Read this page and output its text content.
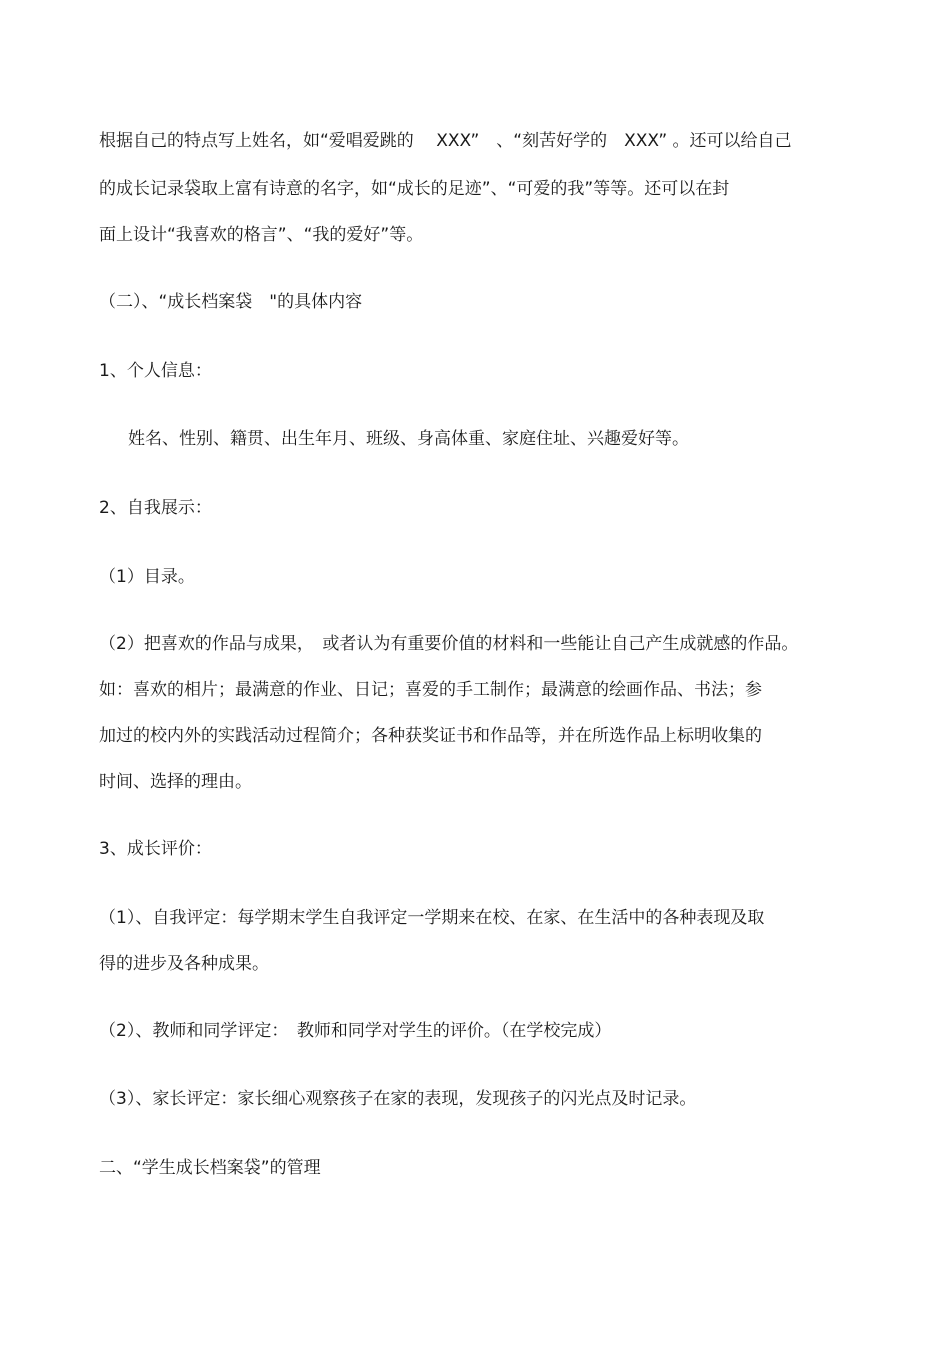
根据自己的特点写上姓名，如“爱唱爱跳的　 XXX”　、“刻苦好学的　XXX” 。还可以给自己
的成长记录袋取上富有诗意的名字，如“成长的足迹”、“可爱的我”等等。还可以在封
面上设计“我喜欢的格言”、“我的爱好”等。
（二）、“成长档案袋　"的具体内容
1、个人信息：
姓名、性别、籍贯、出生年月、班级、身高体重、家庭住址、兴趣爱好等。
2、自我展示：
（1）目录。
（2）把喜欢的作品与成果，　或者认为有重要价值的材料和一些能让自己产生成就感的作品。
如：喜欢的相片；最满意的作业、日记；喜爱的手工制作；最满意的绘画作品、书法；参
加过的校内外的实践活动过程简介；各种获奖证书和作品等，并在所选作品上标明收集的
时间、选择的理由。
3、成长评价：
（1）、自我评定：每学期末学生自我评定一学期来在校、在家、在生活中的各种表现及取
得的进步及各种成果。
（2）、教师和同学评定：　教师和同学对学生的评价。（在学校完成）
（3）、家长评定：家长细心观察孩子在家的表现，发现孩子的闪光点及时记录。
二、“学生成长档案袋”的管理
